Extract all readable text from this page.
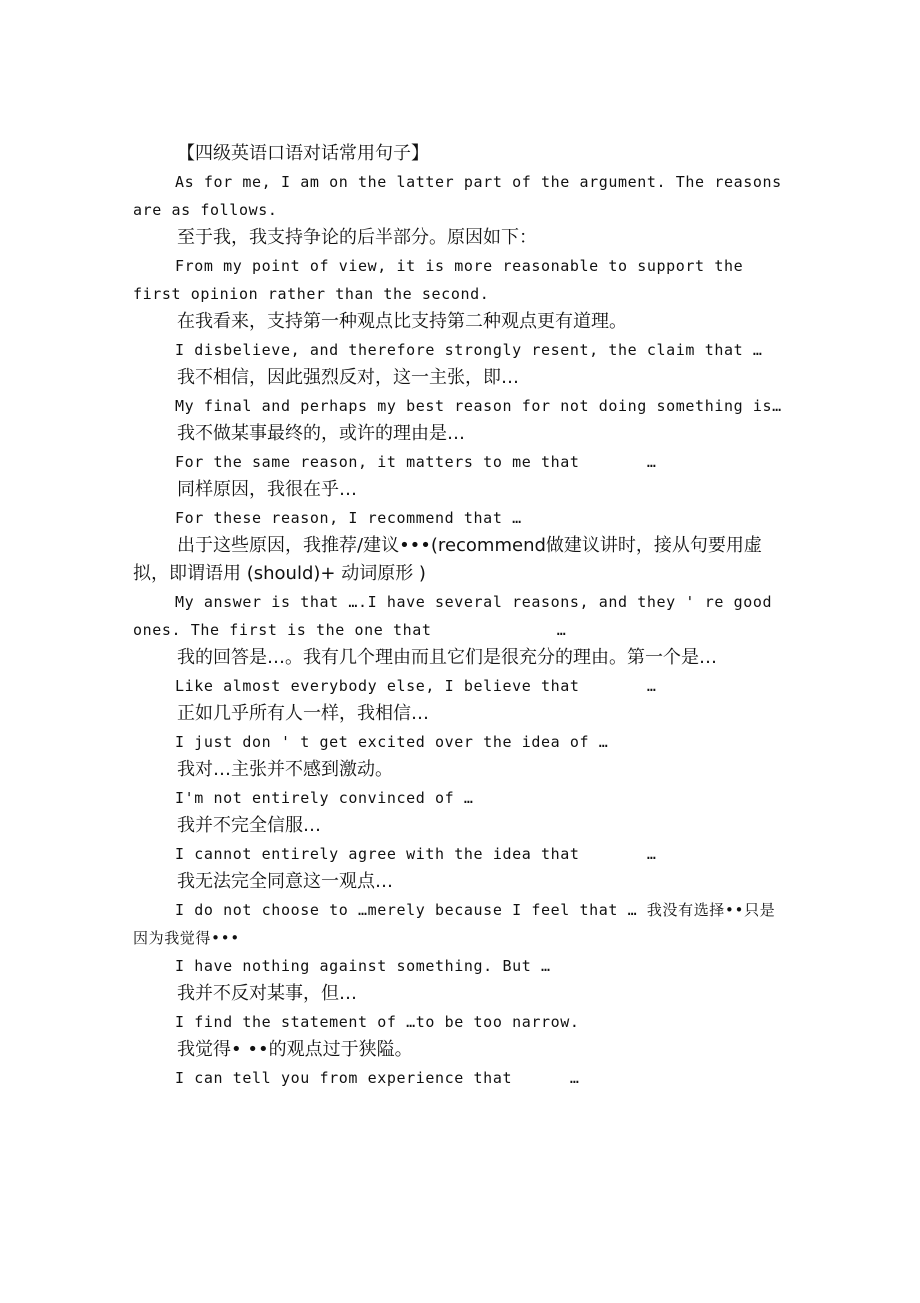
【四级英语口语对话常用句子】

As for me, I am on the latter part of the argument. The reasons are as follows.

至于我，我支持争论的后半部分。原因如下：

From my point of view, it is more reasonable to support the first opinion rather than the second.

在我看来，支持第一种观点比支持第二种观点更有道理。

I disbelieve, and therefore strongly resent, the claim that …

我不相信，因此强烈反对，这一主张，即…

My final and perhaps my best reason for not doing something is…

我不做某事最终的，或许的理由是…

For the same reason, it matters to me that       …

同样原因，我很在乎…

For these reason, I recommend that …

出于这些原因，我推荐/建议•••(recommend做建议讲时，接从句要用虚拟，即谓语用 (should)+ 动词原形 )

My answer is that ….I have several reasons, and they ' re good ones. The first is the one that             …

我的回答是…。我有几个理由而且它们是很充分的理由。第一个是…

Like almost everybody else, I believe that       …

正如几乎所有人一样，我相信…

I just don ' t get excited over the idea of …

我对…主张并不感到激动。

I'm not entirely convinced of …

我并不完全信服…

I cannot entirely agree with the idea that       …

我无法完全同意这一观点…

I do not choose to …merely because I feel that … 我没有选择••只是因为我觉得•••

I have nothing against something. But …

我并不反对某事，但…

I find the statement of …to be too narrow.

我觉得• ••的观点过于狭隘。

I can tell you from experience that      …
